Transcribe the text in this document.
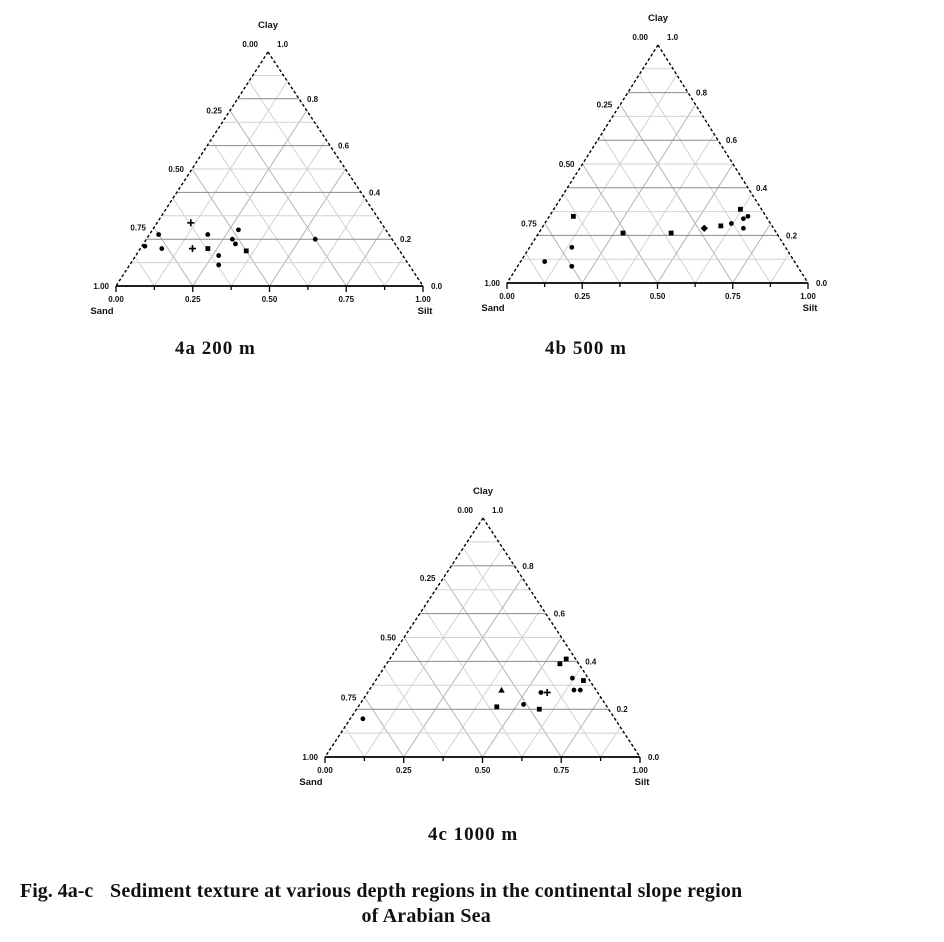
0.00
0.25
0.50
0.75
1.00
1.0
0.8
0.6
0.4
0.2
0.0
0.00	0.25	0.50	0.75	1.00
Clay
Sand	Silt
0.00
0.25
0.50
0.75
1.00
1.0
0.8
0.6
0.4
0.2
0.0
0.00	0.25	0.50	0.75	1.00
Clay
Sand	Silt
0.00
0.25
0.50
0.75
1.00
1.0
0.8
0.6
0.4
0.2
0.0
0.00	0.25	0.50	0.75	1.00
Clay
Sand	Silt
4a 200 m	4b 500 m
4c 1000 m
Fig. 4a-c Sediment texture at various depth regions in the continental slope region
of Arabian Sea
